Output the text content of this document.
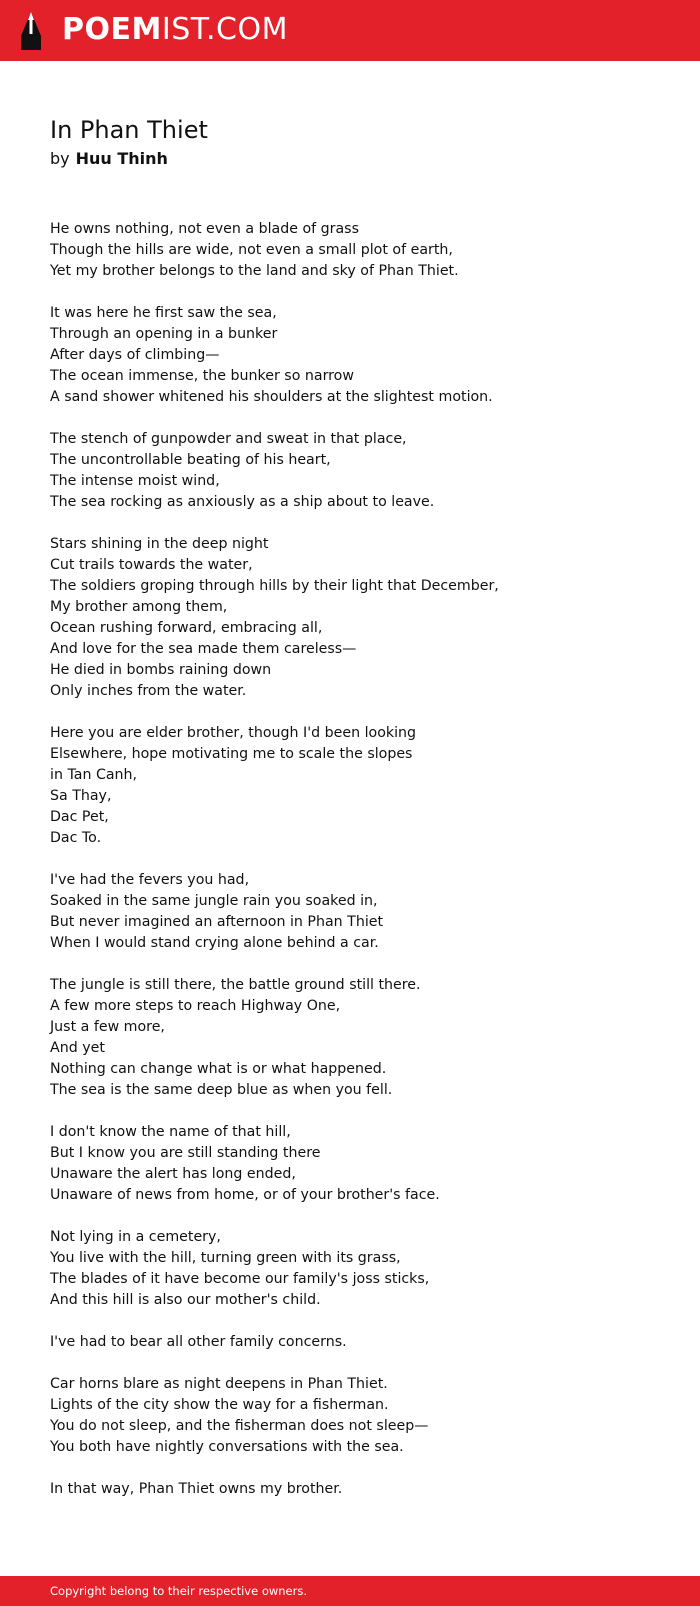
POEMIST.COM
In Phan Thiet
by Huu Thinh

He owns nothing, not even a blade of grass
Though the hills are wide, not even a small plot of earth,
Yet my brother belongs to the land and sky of Phan Thiet.

It was here he first saw the sea,
Through an opening in a bunker
After days of climbing—
The ocean immense, the bunker so narrow
A sand shower whitened his shoulders at the slightest motion.

The stench of gunpowder and sweat in that place,
The uncontrollable beating of his heart,
The intense moist wind,
The sea rocking as anxiously as a ship about to leave.

Stars shining in the deep night
Cut trails towards the water,
The soldiers groping through hills by their light that December,
My brother among them,
Ocean rushing forward, embracing all,
And love for the sea made them careless—
He died in bombs raining down
Only inches from the water.

Here you are elder brother, though I'd been looking
Elsewhere, hope motivating me to scale the slopes
in Tan Canh,
Sa Thay,
Dac Pet,
Dac To.

I've had the fevers you had,
Soaked in the same jungle rain you soaked in,
But never imagined an afternoon in Phan Thiet
When I would stand crying alone behind a car.

The jungle is still there, the battle ground still there.
A few more steps to reach Highway One,
Just a few more,
And yet
Nothing can change what is or what happened.
The sea is the same deep blue as when you fell.

I don't know the name of that hill,
But I know you are still standing there
Unaware the alert has long ended,
Unaware of news from home, or of your brother's face.

Not lying in a cemetery,
You live with the hill, turning green with its grass,
The blades of it have become our family's joss sticks,
And this hill is also our mother's child.

I've had to bear all other family concerns.

Car horns blare as night deepens in Phan Thiet.
Lights of the city show the way for a fisherman.
You do not sleep, and the fisherman does not sleep—
You both have nightly conversations with the sea.

In that way, Phan Thiet owns my brother.

Copyright belong to their respective owners.
